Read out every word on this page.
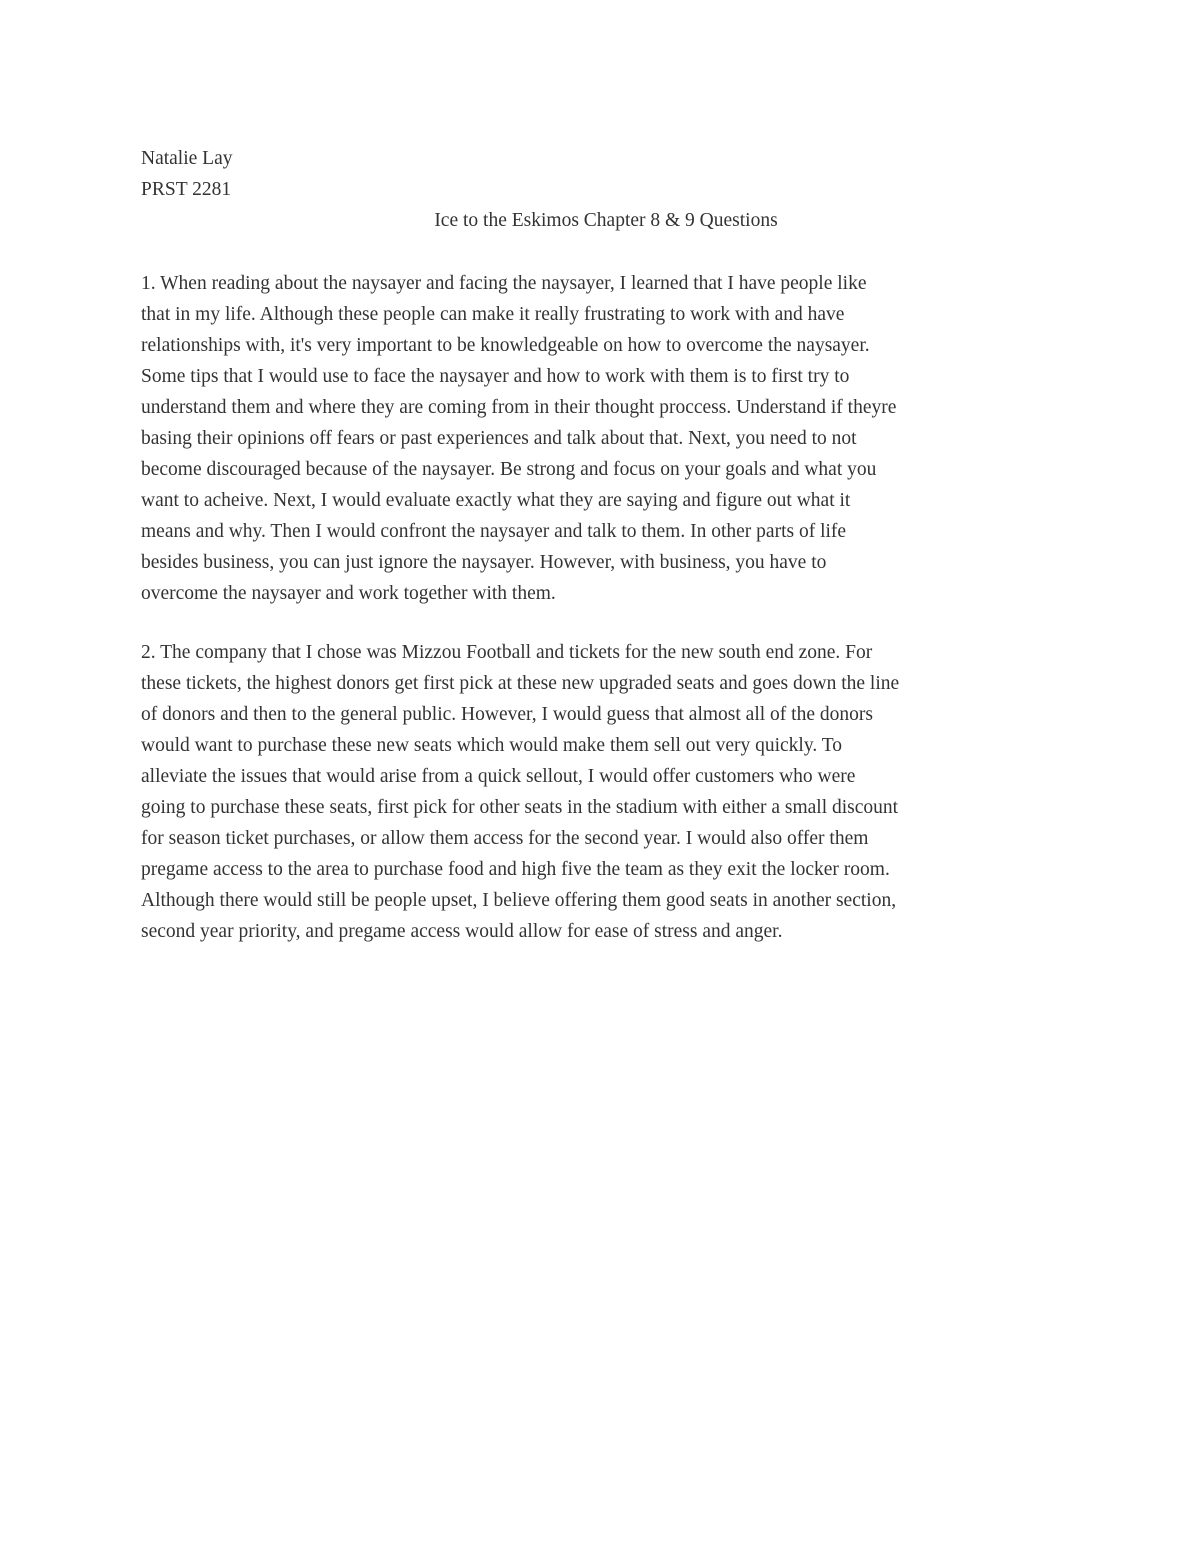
Natalie Lay
PRST 2281
Ice to the Eskimos Chapter 8 & 9 Questions
1. When reading about the naysayer and facing the naysayer, I learned that I have people like
that in my life. Although these people can make it really frustrating to work with and have
relationships with, it's very important to be knowledgeable on how to overcome the naysayer.
Some tips that I would use to face the naysayer and how to work with them is to first try to
understand them and where they are coming from in their thought proccess. Understand if theyre
basing their opinions off fears or past experiences and talk about that. Next, you need to not
become discouraged because of the naysayer. Be strong and focus on your goals and what you
want to acheive. Next, I would evaluate exactly what they are saying and figure out what it
means and why. Then I would confront the naysayer and talk to them. In other parts of life
besides business, you can just ignore the naysayer. However, with business, you have to
overcome the naysayer and work together with them.
2. The company that I chose was Mizzou Football and tickets for the new south end zone. For
these tickets, the highest donors get first pick at these new upgraded seats and goes down the line
of donors and then to the general public. However, I would guess that almost all of the donors
would want to purchase these new seats which would make them sell out very quickly. To
alleviate the issues that would arise from a quick sellout, I would offer customers who were
going to purchase these seats, first pick for other seats in the stadium with either a small discount
for season ticket purchases, or allow them access for the second year. I would also offer them
pregame access to the area to purchase food and high five the team as they exit the locker room.
Although there would still be people upset, I believe offering them good seats in another section,
second year priority, and pregame access would allow for ease of stress and anger.
